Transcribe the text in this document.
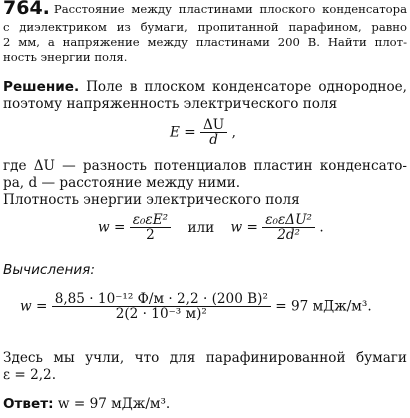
764. Расстояние между пластинами плоского конденсатора
с диэлектриком из бумаги, пропитанной парафином, равно
2 мм, а напряжение между пластинами 200 В. Найти плот-
ность энергии поля.
Решение. Поле в плоском конденсаторе однородное,
поэтому напряженность электрического поля
$E = \frac{\Delta U}{d}$ ,
где ΔU — разность потенциалов пластин конденсато-
ра, d — расстояние между ними.
Плотность энергии электрического поля
$w = \frac{\text{ε₀εE²}}{2}$ или $w = \frac{\text{ε₀εΔU²}}{\text{2d²}}$ .
Вычисления:
$w = \frac{\text{8,85 · 10⁻¹² Ф/м · 2,2 · (200 В)²}}{\text{2(2 · 10⁻³ м)²}} = 97$ мДж/м³.
Здесь мы учли, что для парафинированной бумаги
ε = 2,2.
Ответ: w = 97 мДж/м³.
